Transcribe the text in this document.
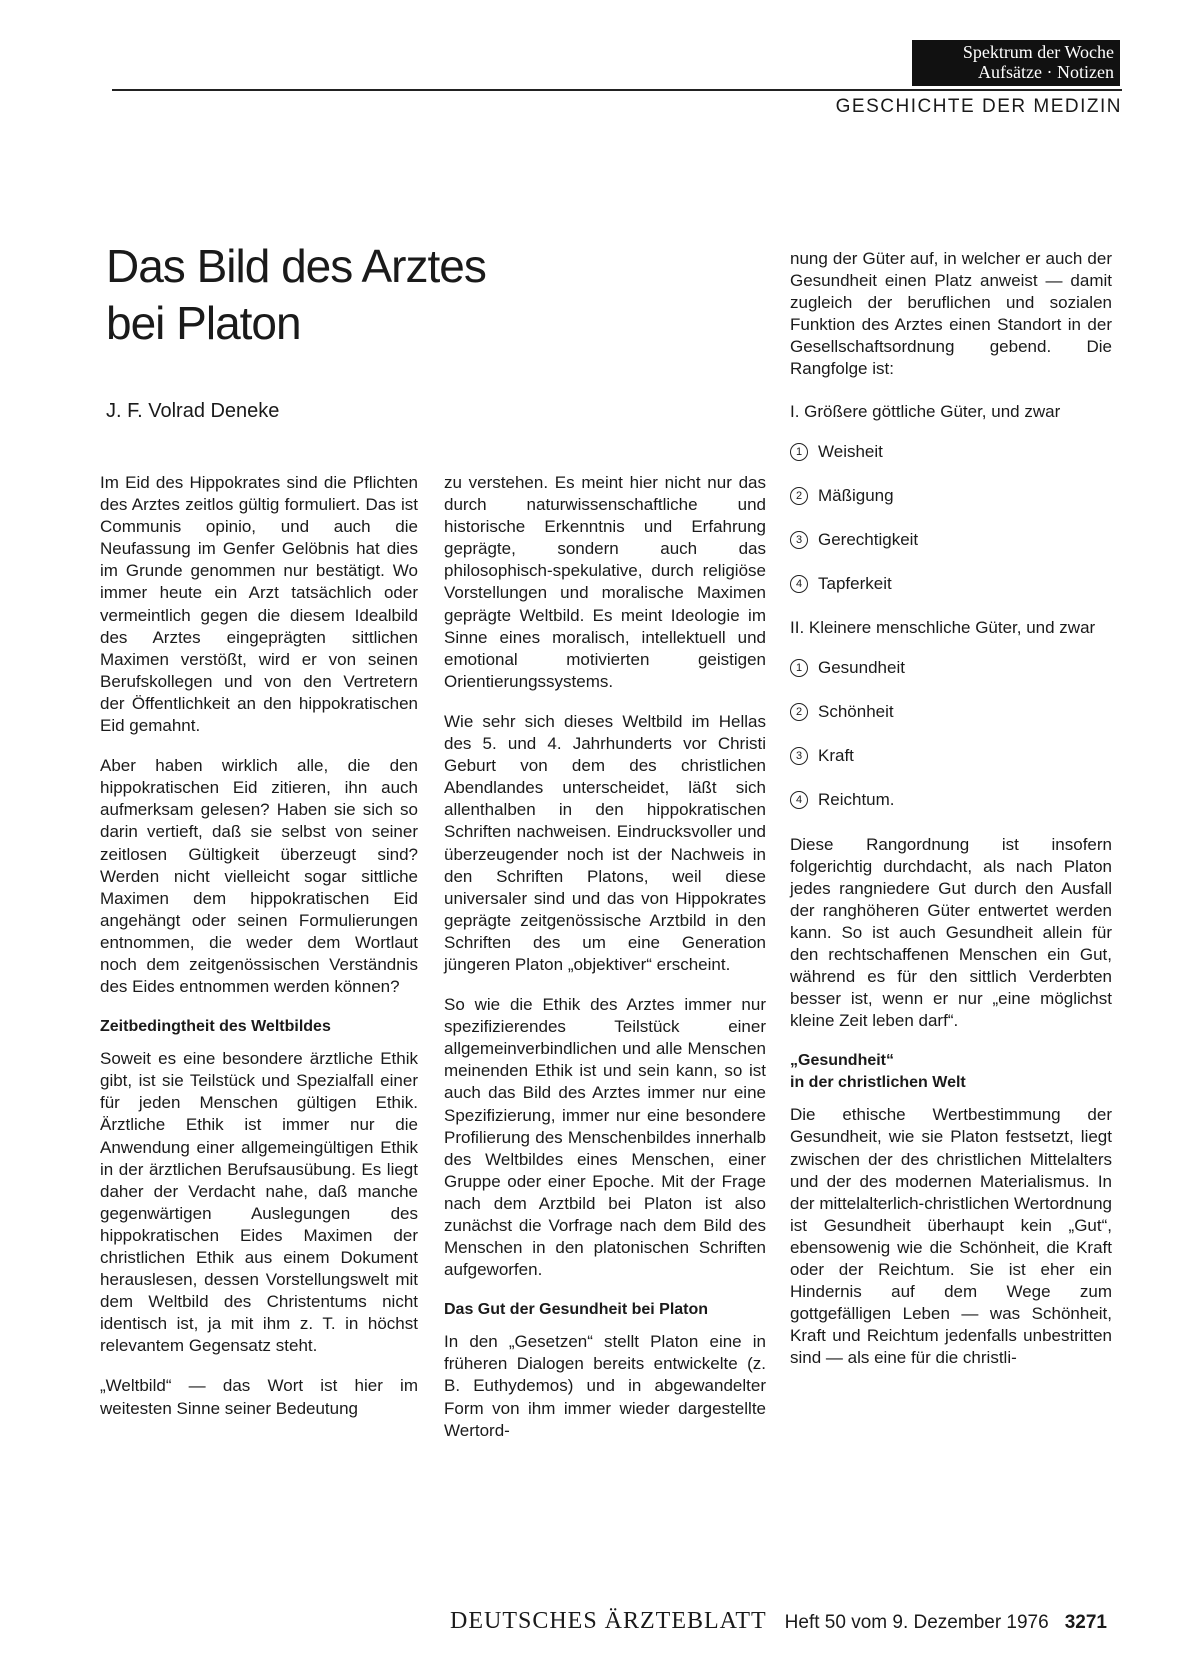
Spektrum der Woche
Aufsätze · Notizen
GESCHICHTE DER MEDIZIN
Das Bild des Arztes
bei Platon
J. F. Volrad Deneke

Im Eid des Hippokrates sind die Pflichten des Arztes zeitlos gültig formuliert. Das ist Communis opinio, und auch die Neufassung im Genfer Gelöbnis hat dies im Grunde genommen nur bestätigt. Wo immer heute ein Arzt tatsächlich oder vermeintlich gegen die diesem Idealbild des Arztes eingeprägten sittlichen Maximen verstößt, wird er von seinen Berufskollegen und von den Vertretern der Öffentlichkeit an den hippokratischen Eid gemahnt.

Aber haben wirklich alle, die den hippokratischen Eid zitieren, ihn auch aufmerksam gelesen? Haben sie sich so darin vertieft, daß sie selbst von seiner zeitlosen Gültigkeit überzeugt sind? Werden nicht vielleicht sogar sittliche Maximen dem hippokratischen Eid angehängt oder seinen Formulierungen entnommen, die weder dem Wortlaut noch dem zeitgenössischen Verständnis des Eides entnommen werden können?

Zeitbedingtheit des Weltbildes

Soweit es eine besondere ärztliche Ethik gibt, ist sie Teilstück und Spezialfall einer für jeden Menschen gültigen Ethik. Ärztliche Ethik ist immer nur die Anwendung einer allgemeingültigen Ethik in der ärztlichen Berufsausübung. Es liegt daher der Verdacht nahe, daß manche gegenwärtigen Auslegungen des hippokratischen Eides Maximen der christlichen Ethik aus einem Dokument herauslesen, dessen Vorstellungswelt mit dem Weltbild des Christentums nicht identisch ist, ja mit ihm z. T. in höchst relevantem Gegensatz steht.

„Weltbild“ — das Wort ist hier im weitesten Sinne seiner Bedeutung

zu verstehen. Es meint hier nicht nur das durch naturwissenschaftliche und historische Erkenntnis und Erfahrung geprägte, sondern auch das philosophisch-spekulative, durch religiöse Vorstellungen und moralische Maximen geprägte Weltbild. Es meint Ideologie im Sinne eines moralisch, intellektuell und emotional motivierten geistigen Orientierungssystems.

Wie sehr sich dieses Weltbild im Hellas des 5. und 4. Jahrhunderts vor Christi Geburt von dem des christlichen Abendlandes unterscheidet, läßt sich allenthalben in den hippokratischen Schriften nachweisen. Eindrucksvoller und überzeugender noch ist der Nachweis in den Schriften Platons, weil diese universaler sind und das von Hippokrates geprägte zeitgenössische Arztbild in den Schriften des um eine Generation jüngeren Platon „objektiver“ erscheint.

So wie die Ethik des Arztes immer nur spezifizierendes Teilstück einer allgemeinverbindlichen und alle Menschen meinenden Ethik ist und sein kann, so ist auch das Bild des Arztes immer nur eine Spezifizierung, immer nur eine besondere Profilierung des Menschenbildes innerhalb des Weltbildes eines Menschen, einer Gruppe oder einer Epoche. Mit der Frage nach dem Arztbild bei Platon ist also zunächst die Vorfrage nach dem Bild des Menschen in den platonischen Schriften aufgeworfen.

Das Gut der Gesundheit bei Platon

In den „Gesetzen“ stellt Platon eine in früheren Dialogen bereits entwickelte (z. B. Euthydemos) und in abgewandelter Form von ihm immer wieder dargestellte Wertord-

nung der Güter auf, in welcher er auch der Gesundheit einen Platz anweist — damit zugleich der beruflichen und sozialen Funktion des Arztes einen Standort in der Gesellschaftsordnung gebend. Die Rangfolge ist:

I. Größere göttliche Güter, und zwar

1 Weisheit
2 Mäßigung
3 Gerechtigkeit
4 Tapferkeit

II. Kleinere menschliche Güter, und zwar

1 Gesundheit
2 Schönheit
3 Kraft
4 Reichtum.

Diese Rangordnung ist insofern folgerichtig durchdacht, als nach Platon jedes rangniedere Gut durch den Ausfall der ranghöheren Güter entwertet werden kann. So ist auch Gesundheit allein für den rechtschaffenen Menschen ein Gut, während es für den sittlich Verderbten besser ist, wenn er nur „eine möglichst kleine Zeit leben darf“.

„Gesundheit“
in der christlichen Welt

Die ethische Wertbestimmung der Gesundheit, wie sie Platon festsetzt, liegt zwischen der des christlichen Mittelalters und der des modernen Materialismus. In der mittelalterlich-christlichen Wertordnung ist Gesundheit überhaupt kein „Gut“, ebensowenig wie die Schönheit, die Kraft oder der Reichtum. Sie ist eher ein Hindernis auf dem Wege zum gottgefälligen Leben — was Schönheit, Kraft und Reichtum jedenfalls unbestritten sind — als eine für die christli-

DEUTSCHES ÄRZTEBLATT Heft 50 vom 9. Dezember 1976 3271
